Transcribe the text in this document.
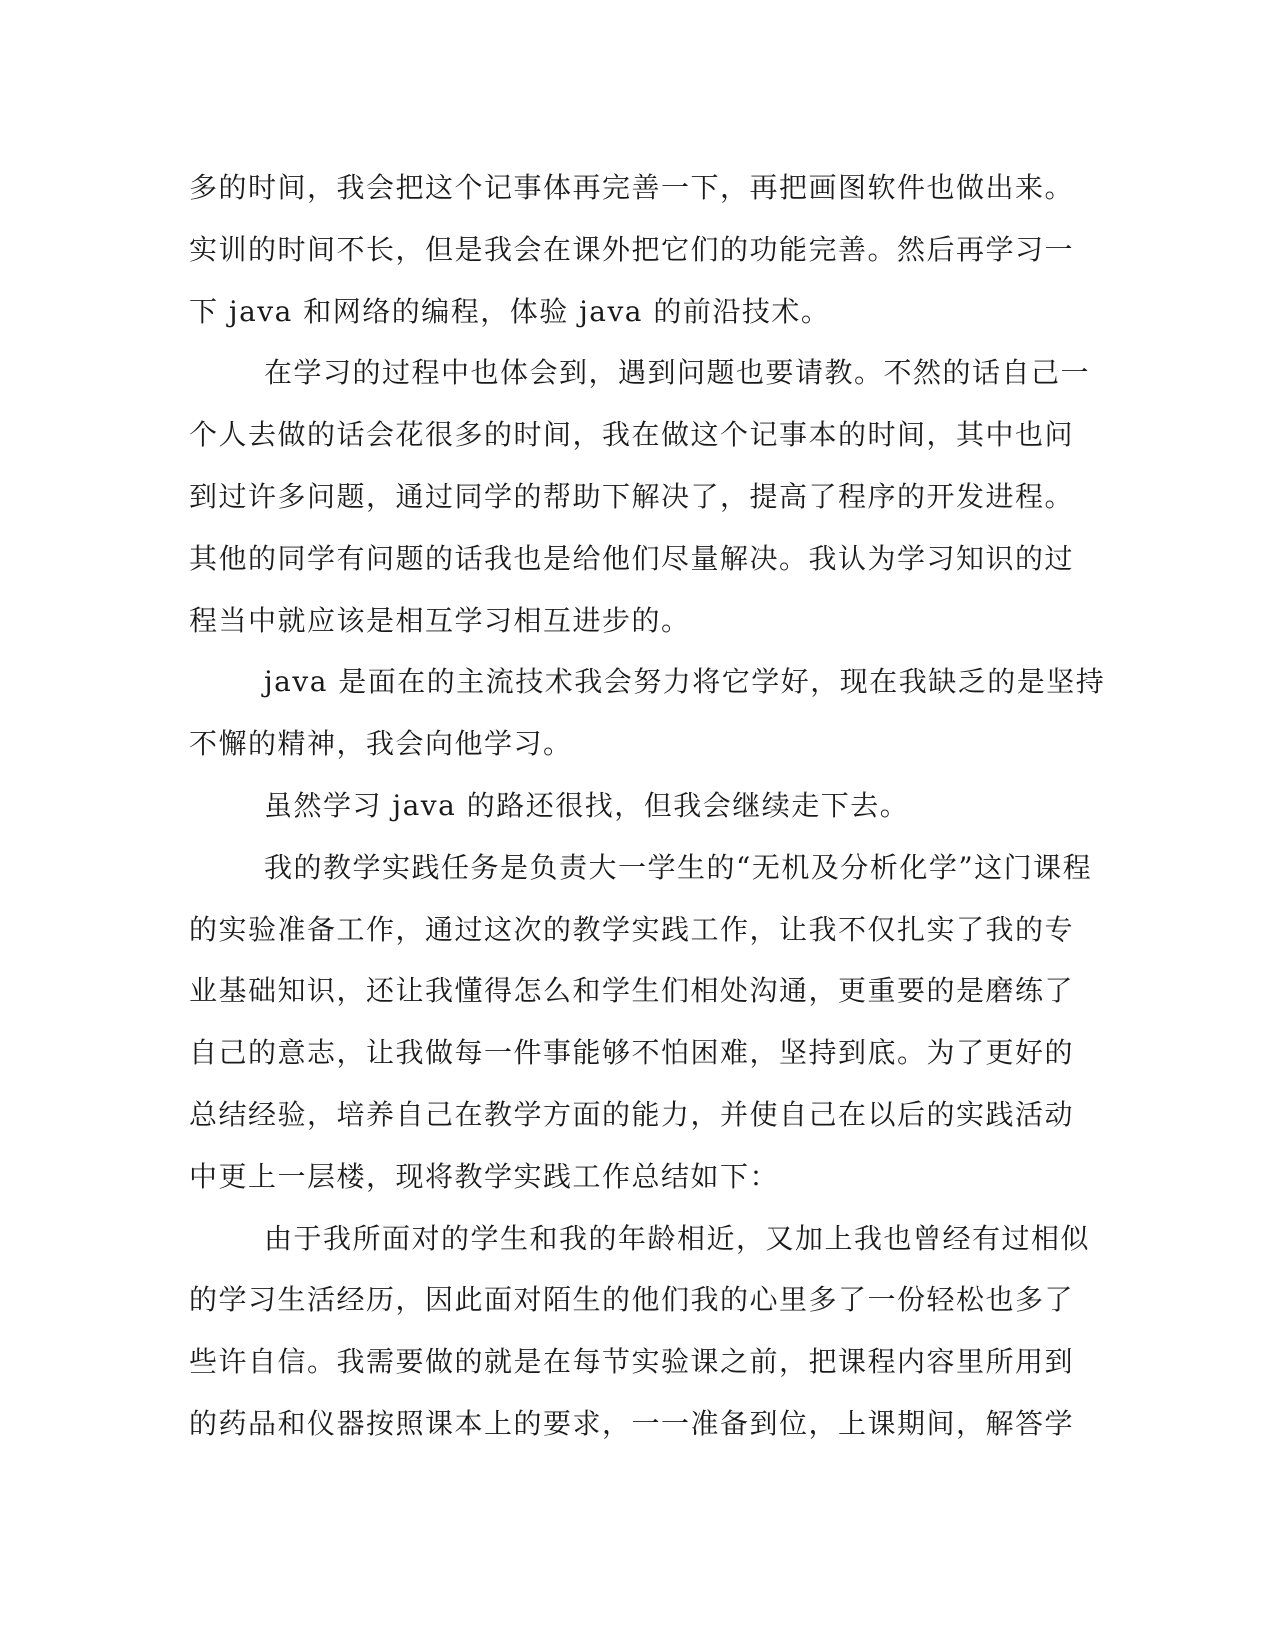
多的时间，我会把这个记事体再完善一下，再把画图软件也做出来。
实训的时间不长，但是我会在课外把它们的功能完善。然后再学习一
下 java 和网络的编程，体验 java 的前沿技术。
在学习的过程中也体会到，遇到问题也要请教。不然的话自己一
个人去做的话会花很多的时间，我在做这个记事本的时间，其中也问
到过许多问题，通过同学的帮助下解决了，提高了程序的开发进程。
其他的同学有问题的话我也是给他们尽量解决。我认为学习知识的过
程当中就应该是相互学习相互进步的。
java 是面在的主流技术我会努力将它学好，现在我缺乏的是坚持
不懈的精神，我会向他学习。
虽然学习 java 的路还很找，但我会继续走下去。
我的教学实践任务是负责大一学生的“无机及分析化学”这门课程
的实验准备工作，通过这次的教学实践工作，让我不仅扎实了我的专
业基础知识，还让我懂得怎么和学生们相处沟通，更重要的是磨练了
自己的意志，让我做每一件事能够不怕困难，坚持到底。为了更好的
总结经验，培养自己在教学方面的能力，并使自己在以后的实践活动
中更上一层楼，现将教学实践工作总结如下：
由于我所面对的学生和我的年龄相近，又加上我也曾经有过相似
的学习生活经历，因此面对陌生的他们我的心里多了一份轻松也多了
些许自信。我需要做的就是在每节实验课之前，把课程内容里所用到
的药品和仪器按照课本上的要求，一一准备到位，上课期间，解答学
